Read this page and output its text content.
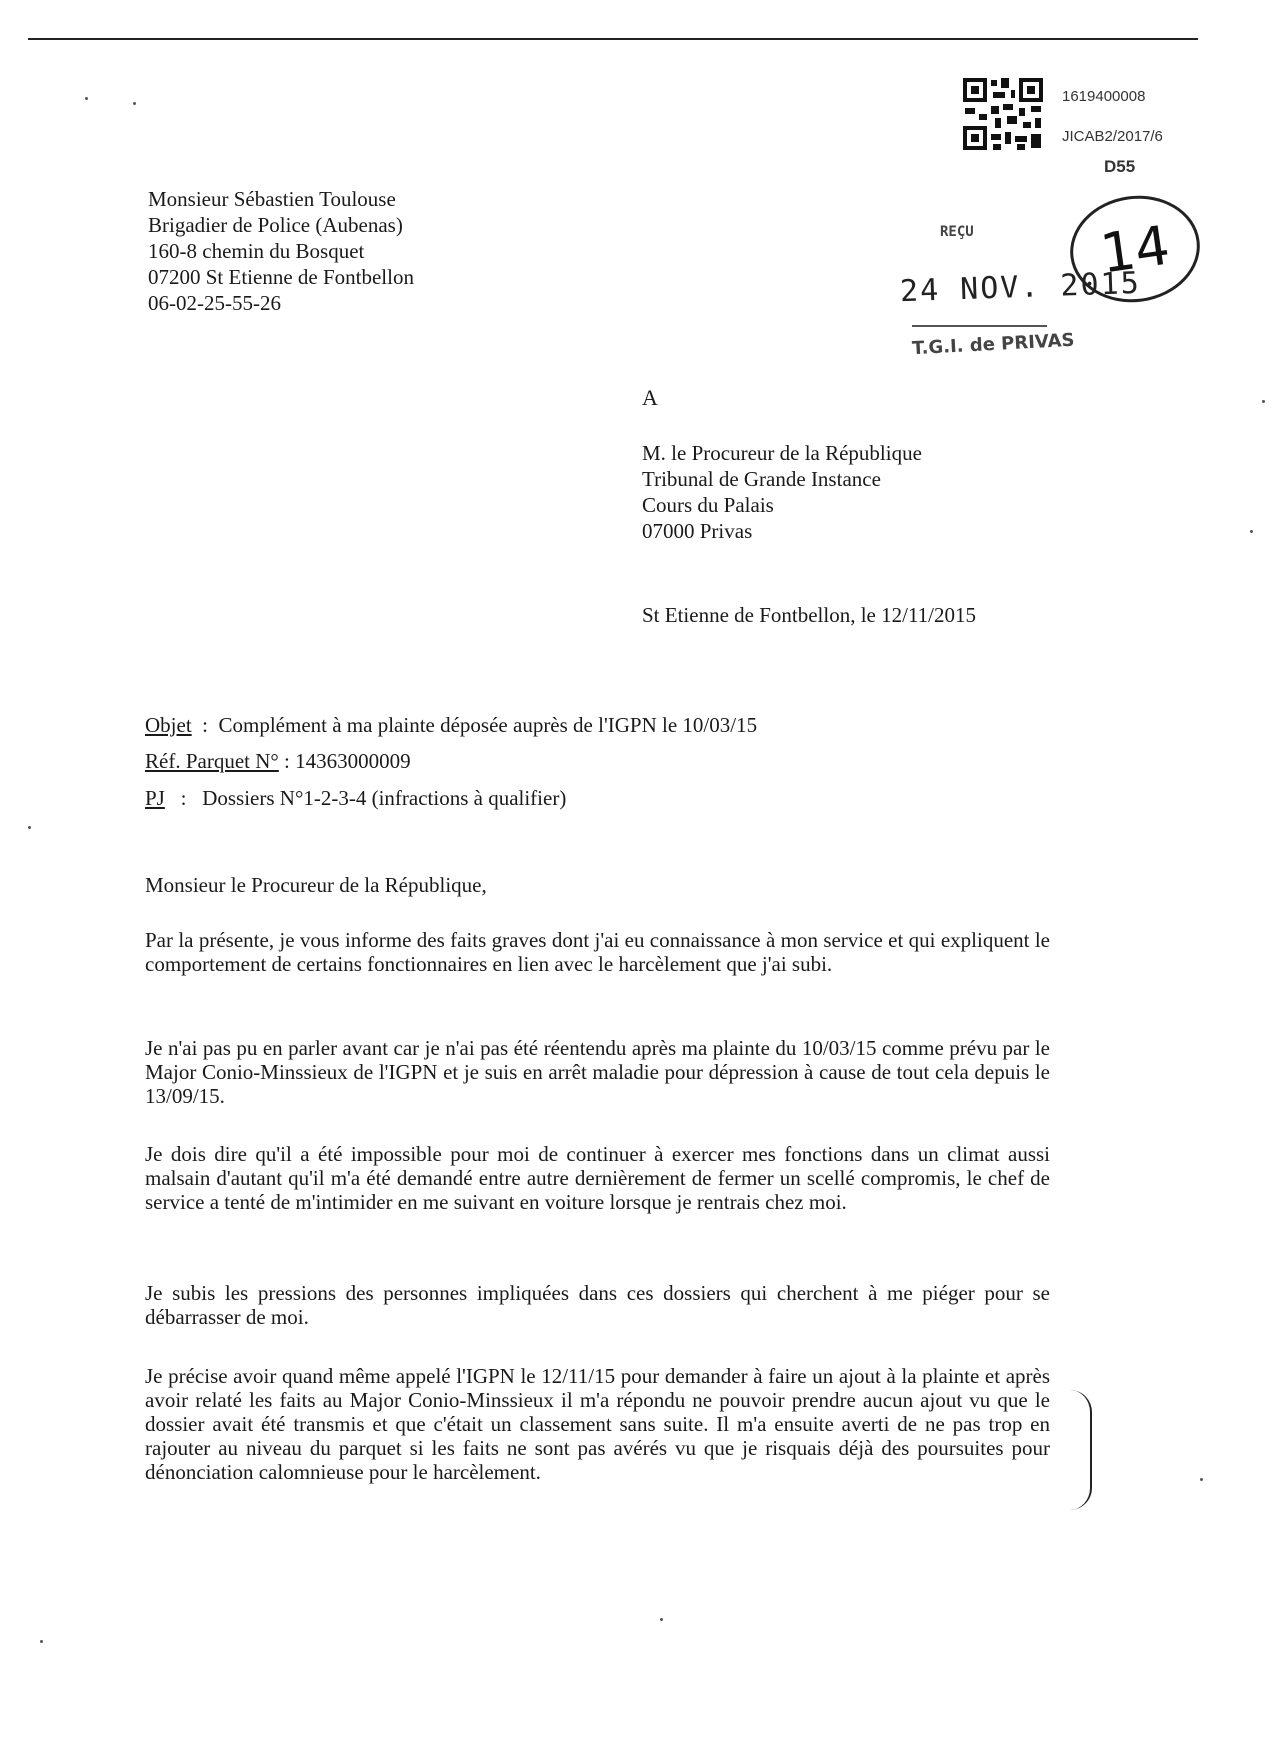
1619400008
JICAB2/2017/6
D55
14
REÇU
24 NOV. 2015
T.G.I. de PRIVAS
Monsieur Sébastien Toulouse
Brigadier de Police (Aubenas)
160-8 chemin du Bosquet
07200 St Etienne de Fontbellon
06-02-25-55-26
A
M. le Procureur de la République
Tribunal de Grande Instance
Cours du Palais
07000 Privas
St Etienne de Fontbellon, le 12/11/2015
Objet  :  Complément à ma plainte déposée auprès de l'IGPN le 10/03/15
Réf. Parquet N° : 14363000009
PJ   :   Dossiers N°1-2-3-4 (infractions à qualifier)
Monsieur le Procureur de la République,

Par la présente, je vous informe des faits graves dont j'ai eu connaissance à mon service et qui expliquent le comportement de certains fonctionnaires en lien avec le harcèlement que j'ai subi.

Je n'ai pas pu en parler avant car je n'ai pas été réentendu après ma plainte du 10/03/15 comme prévu par le Major Conio-Minssieux de l'IGPN et je suis en arrêt maladie pour dépression à cause de tout cela depuis le 13/09/15.

Je dois dire qu'il a été impossible pour moi de continuer à exercer mes fonctions dans un climat aussi malsain d'autant qu'il m'a été demandé entre autre dernièrement de fermer un scellé compromis, le chef de service a tenté de m'intimider en me suivant en voiture lorsque je rentrais chez moi.

Je subis les pressions des personnes impliquées dans ces dossiers qui cherchent à me piéger pour se débarrasser de moi.

Je précise avoir quand même appelé l'IGPN le 12/11/15 pour demander à faire un ajout à la plainte et après avoir relaté les faits au Major Conio-Minssieux il m'a répondu ne pouvoir prendre aucun ajout vu que le dossier avait été transmis et que c'était un classement sans suite. Il m'a ensuite averti de ne pas trop en rajouter au niveau du parquet si les faits ne sont pas avérés vu que je risquais déjà des poursuites pour dénonciation calomnieuse pour le harcèlement.
